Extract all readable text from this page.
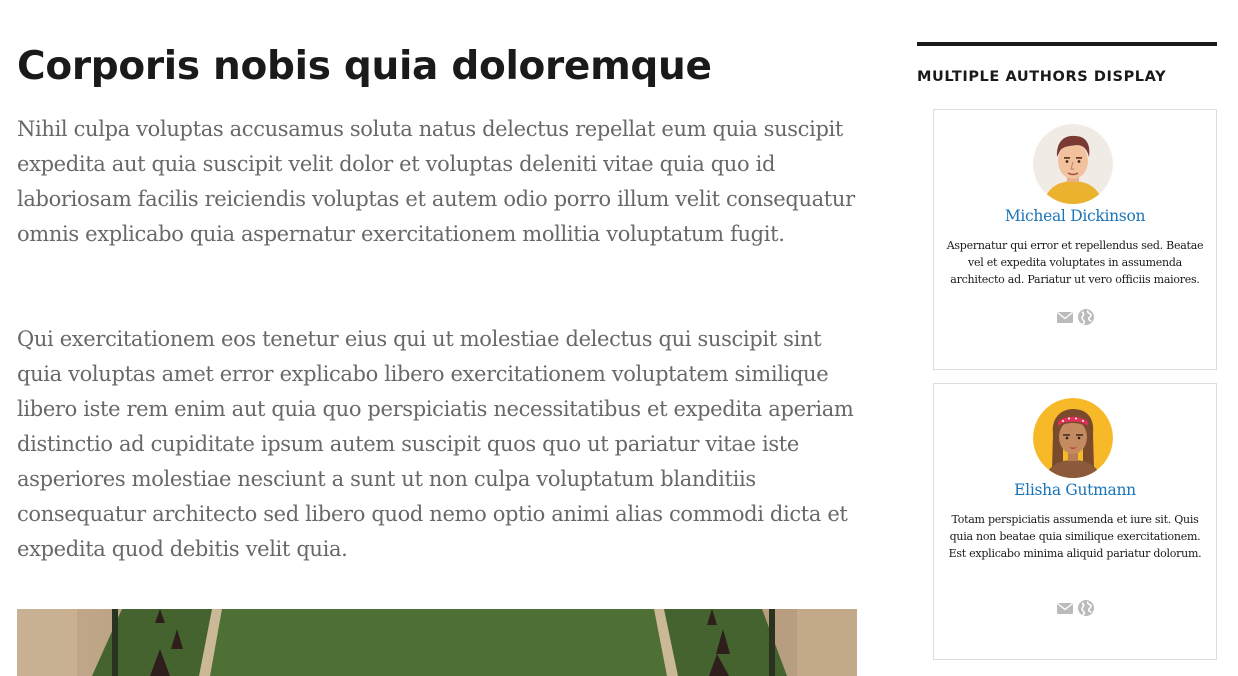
Corporis nobis quia doloremque

Nihil culpa voluptas accusamus soluta natus delectus repellat eum quia suscipit expedita aut quia suscipit velit dolor et voluptas deleniti vitae quia quo id laboriosam facilis reiciendis voluptas et autem odio porro illum velit consequatur omnis explicabo quia aspernatur exercitationem mollitia voluptatum fugit.

Qui exercitationem eos tenetur eius qui ut molestiae delectus qui suscipit sint quia voluptas amet error explicabo libero exercitationem voluptatem similique libero iste rem enim aut quia quo perspiciatis necessitatibus et expedita aperiam distinctio ad cupiditate ipsum autem suscipit quos quo ut pariatur vitae iste asperiores molestiae nesciunt a sunt ut non culpa voluptatum blanditiis consequatur architecto sed libero quod nemo optio animi alias commodi dicta et expedita quod debitis velit quia.

MULTIPLE AUTHORS DISPLAY
Micheal Dickinson
Aspernatur qui error et repellendus sed. Beatae vel et expedita voluptates in assumenda architecto ad. Pariatur ut vero officiis maiores.
Elisha Gutmann
Totam perspiciatis assumenda et iure sit. Quis quia non beatae quia similique exercitationem. Est explicabo minima aliquid pariatur dolorum.
